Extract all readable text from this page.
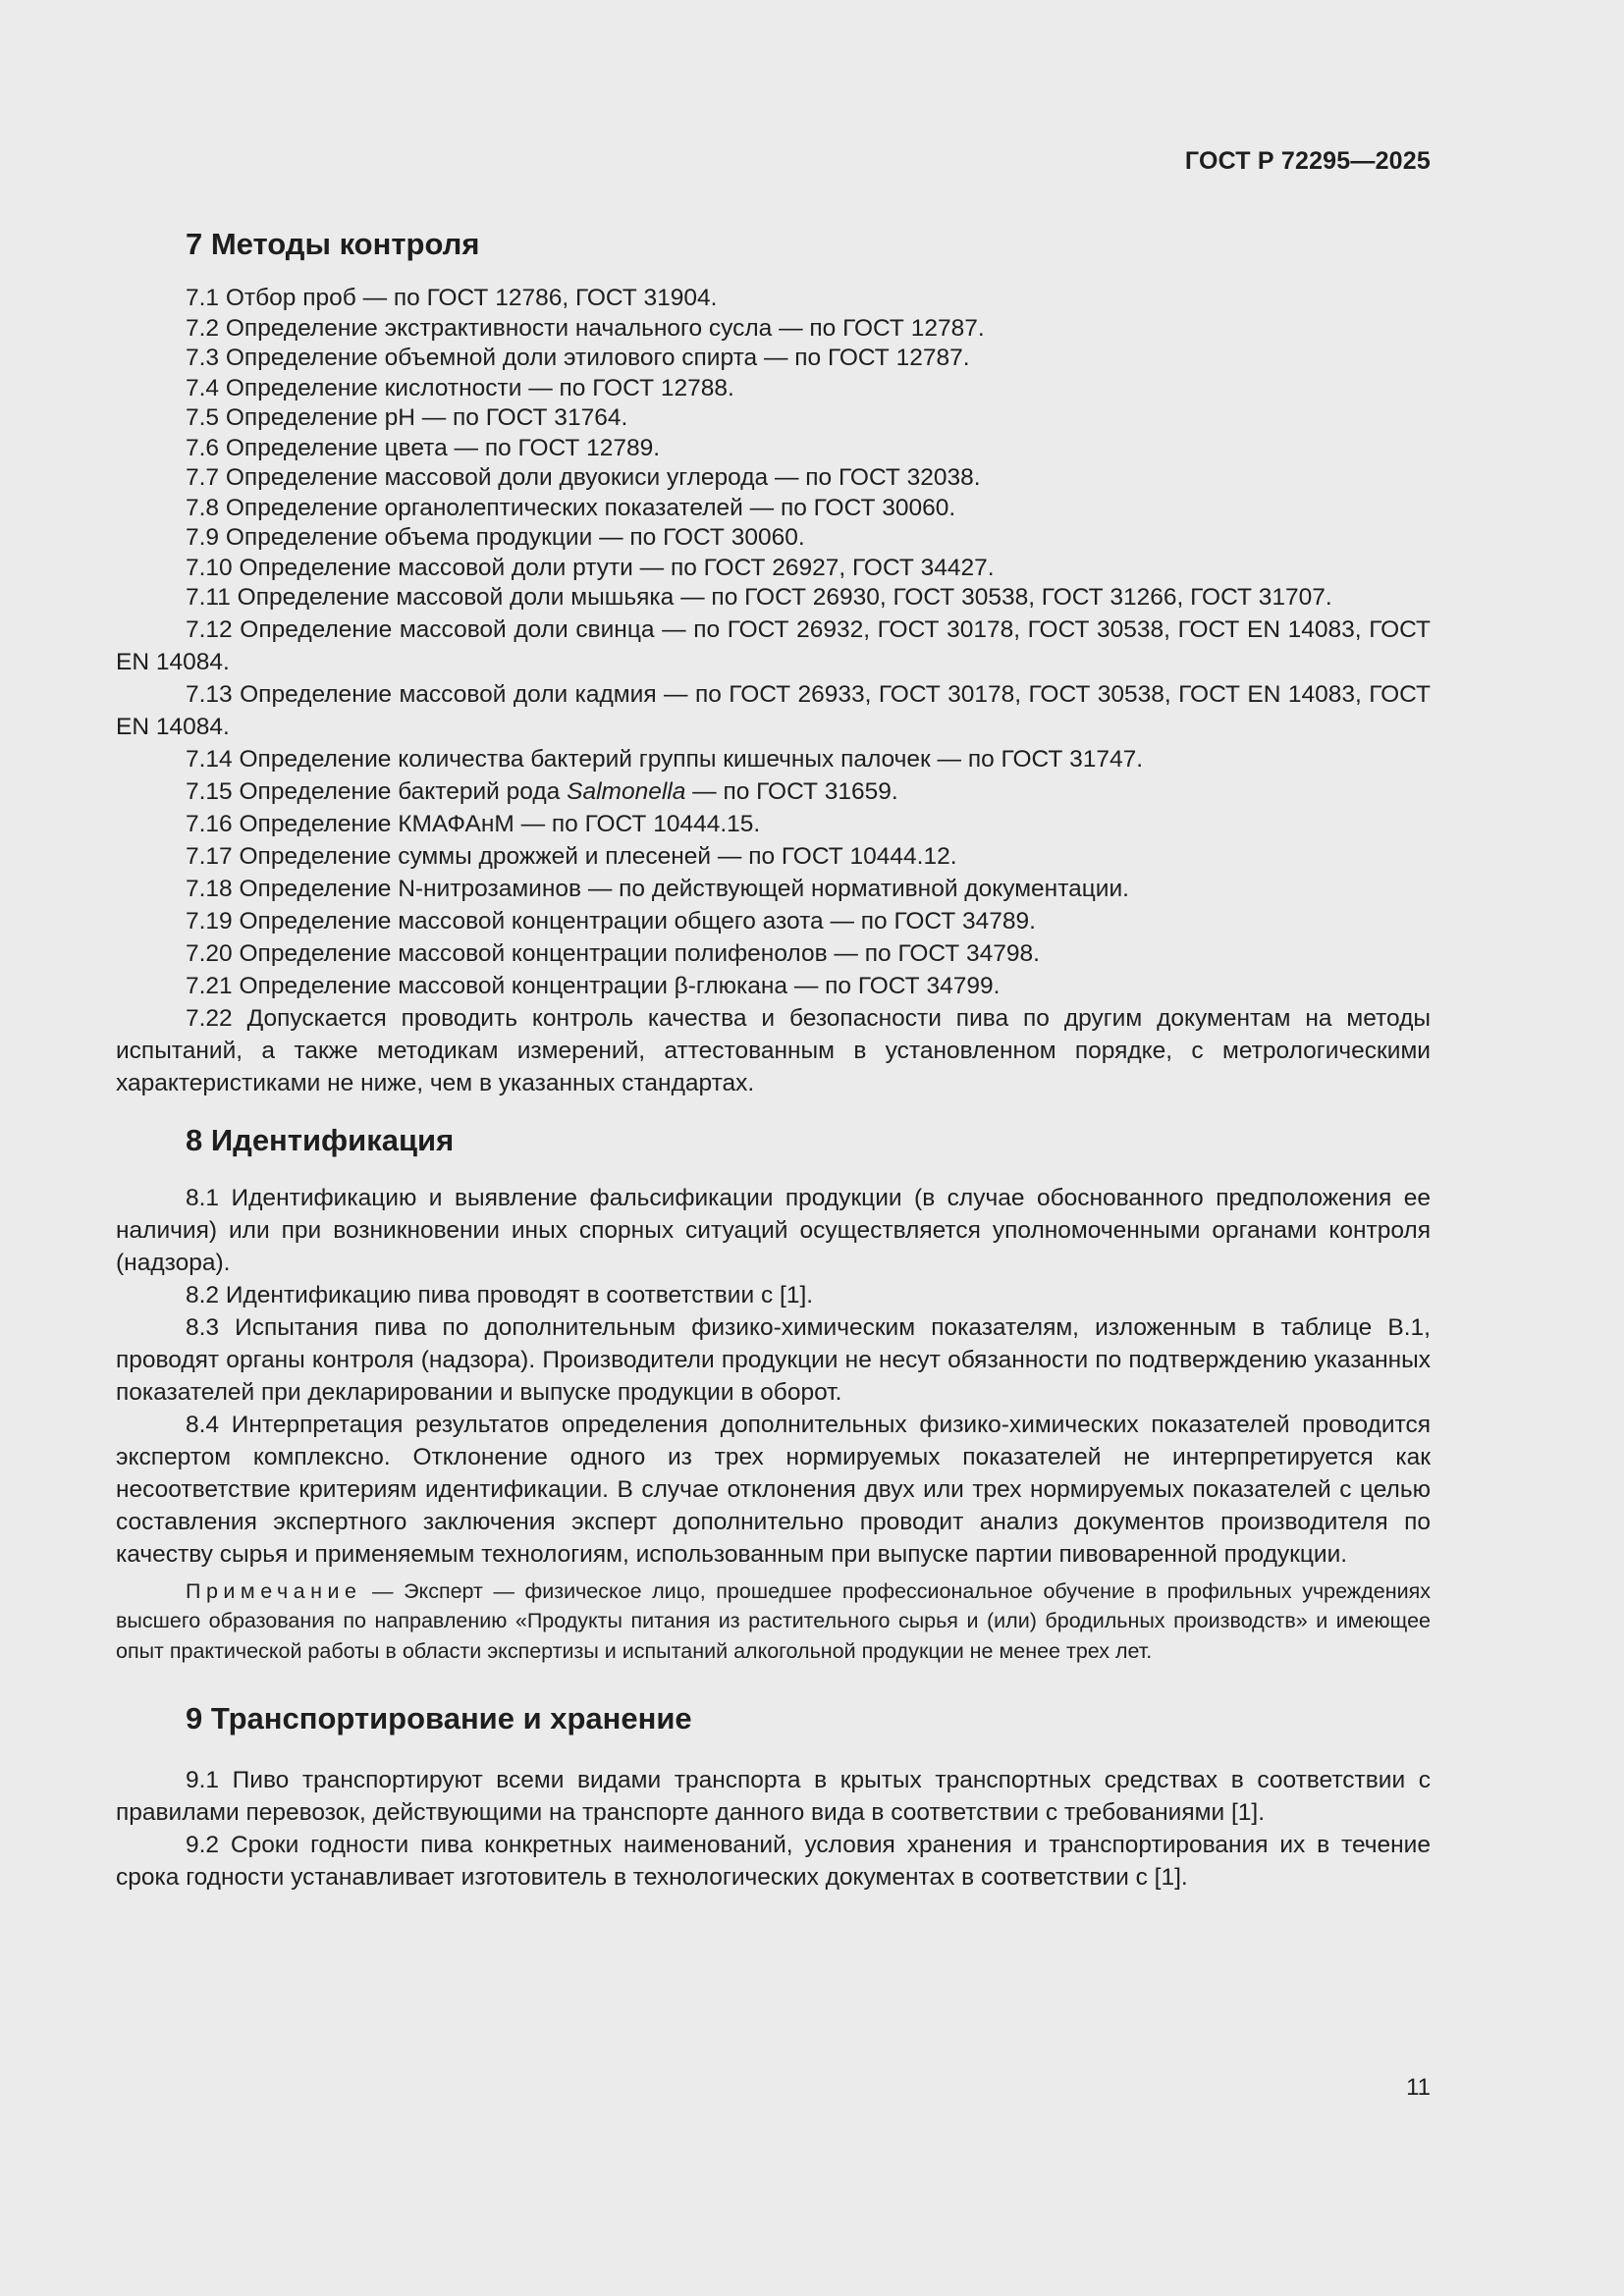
ГОСТ Р 72295—2025
7 Методы контроля

7.1 Отбор проб — по ГОСТ 12786, ГОСТ 31904.

7.2 Определение экстрактивности начального сусла — по ГОСТ 12787.

7.3 Определение объемной доли этилового спирта — по ГОСТ 12787.

7.4 Определение кислотности — по ГОСТ 12788.

7.5 Определение pH — по ГОСТ 31764.

7.6 Определение цвета — по ГОСТ 12789.

7.7 Определение массовой доли двуокиси углерода — по ГОСТ 32038.

7.8 Определение органолептических показателей — по ГОСТ 30060.

7.9 Определение объема продукции — по ГОСТ 30060.

7.10 Определение массовой доли ртути — по ГОСТ 26927, ГОСТ 34427.

7.11 Определение массовой доли мышьяка — по ГОСТ 26930, ГОСТ 30538, ГОСТ 31266, ГОСТ 31707.

7.12 Определение массовой доли свинца — по ГОСТ 26932, ГОСТ 30178, ГОСТ 30538, ГОСТ EN 14083, ГОСТ EN 14084.

7.13 Определение массовой доли кадмия — по ГОСТ 26933, ГОСТ 30178, ГОСТ 30538, ГОСТ EN 14083, ГОСТ EN 14084.

7.14 Определение количества бактерий группы кишечных палочек — по ГОСТ 31747.

7.15 Определение бактерий рода Salmonella — по ГОСТ 31659.

7.16 Определение КМАФАнМ — по ГОСТ 10444.15.

7.17 Определение суммы дрожжей и плесеней — по ГОСТ 10444.12.

7.18 Определение N-нитрозаминов — по действующей нормативной документации.

7.19 Определение массовой концентрации общего азота — по ГОСТ 34789.

7.20 Определение массовой концентрации полифенолов — по ГОСТ 34798.

7.21 Определение массовой концентрации β-глюкана — по ГОСТ 34799.

7.22 Допускается проводить контроль качества и безопасности пива по другим документам на методы испытаний, а также методикам измерений, аттестованным в установленном порядке, с метрологическими характеристиками не ниже, чем в указанных стандартах.

8 Идентификация

8.1 Идентификацию и выявление фальсификации продукции (в случае обоснованного предположения ее наличия) или при возникновении иных спорных ситуаций осуществляется уполномоченными органами контроля (надзора).

8.2 Идентификацию пива проводят в соответствии с [1].

8.3 Испытания пива по дополнительным физико-химическим показателям, изложенным в таблице В.1, проводят органы контроля (надзора). Производители продукции не несут обязанности по подтверждению указанных показателей при декларировании и выпуске продукции в оборот.

8.4 Интерпретация результатов определения дополнительных физико-химических показателей проводится экспертом комплексно. Отклонение одного из трех нормируемых показателей не интерпретируется как несоответствие критериям идентификации. В случае отклонения двух или трех нормируемых показателей с целью составления экспертного заключения эксперт дополнительно проводит анализ документов производителя по качеству сырья и применяемым технологиям, использованным при выпуске партии пивоваренной продукции.

Примечание — Эксперт — физическое лицо, прошедшее профессиональное обучение в профильных учреждениях высшего образования по направлению «Продукты питания из растительного сырья и (или) бродильных производств» и имеющее опыт практической работы в области экспертизы и испытаний алкогольной продукции не менее трех лет.

9 Транспортирование и хранение

9.1 Пиво транспортируют всеми видами транспорта в крытых транспортных средствах в соответствии с правилами перевозок, действующими на транспорте данного вида в соответствии с требованиями [1].

9.2 Сроки годности пива конкретных наименований, условия хранения и транспортирования их в течение срока годности устанавливает изготовитель в технологических документах в соответствии с [1].

11
